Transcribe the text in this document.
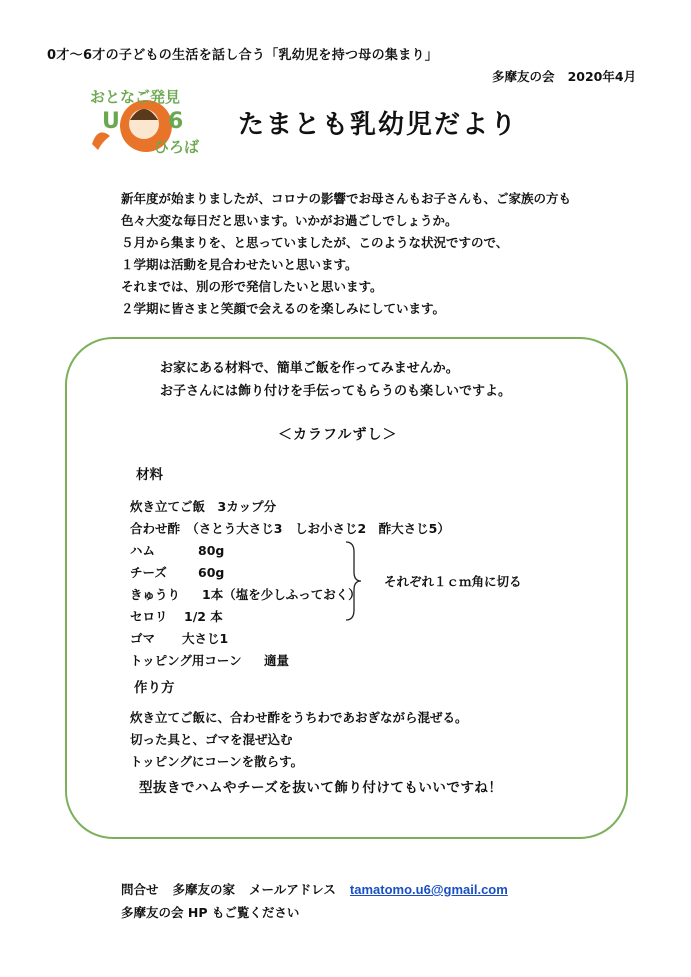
0才〜6才の子どもの生活を話し合う「乳幼児を持つ母の集まり」
多摩友の会 2020年4月
おとなご発見
U 6
ひろば
たまとも乳幼児だより
新年度が始まりましたが、コロナの影響でお母さんもお子さんも、ご家族の方も
色々大変な毎日だと思います。いかがお過ごしでしょうか。
５月から集まりを、と思っていましたが、このような状況ですので、
１学期は活動を見合わせたいと思います。
それまでは、別の形で発信したいと思います。
２学期に皆さまと笑顔で会えるのを楽しみにしています。
お家にある材料で、簡単ご飯を作ってみませんか。
お子さんには飾り付けを手伝ってもらうのも楽しいですよ。
＜カラフルずし＞
材料
炊き立てご飯　3カップ分
合わせ酢　（さとう大さじ3　しお小さじ2　酢大さじ5）
ハム	80g
チーズ 60g
きゅうり 1本（塩を少しふっておく）
セロリ 1/2 本
ゴマ 大さじ1
トッピング用コーン 適量
それぞれ１ｃｍ角に切る
作り方
炊き立てご飯に、合わせ酢をうちわであおぎながら混ぜる。
切った具と、ゴマを混ぜ込む
トッピングにコーンを散らす。
型抜きでハムやチーズを抜いて飾り付けてもいいですね！
問合せ 多摩友の家 メールアドレス tamatomo.u6@gmail.com
多摩友の会 HP もご覧ください
